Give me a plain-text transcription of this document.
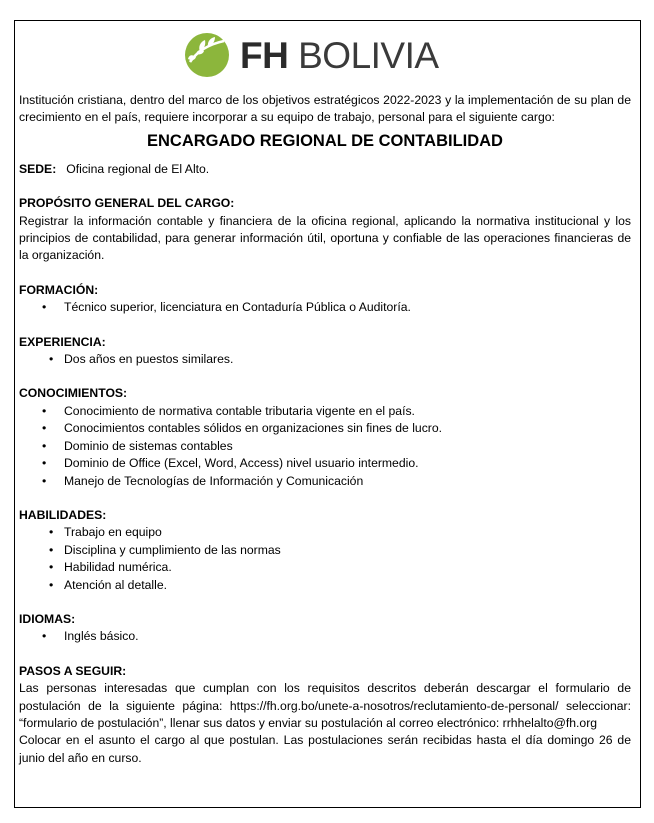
FH BOLIVIA

Institución cristiana, dentro del marco de los objetivos estratégicos 2022-2023 y la implementación de su plan de crecimiento en el país, requiere incorporar a su equipo de trabajo, personal para el siguiente cargo:

ENCARGADO REGIONAL DE CONTABILIDAD

SEDE: Oficina regional de El Alto.

PROPÓSITO GENERAL DEL CARGO:

Registrar la información contable y financiera de la oficina regional, aplicando la normativa institucional y los principios de contabilidad, para generar información útil, oportuna y confiable de las operaciones financieras de la organización.

FORMACIÓN:

• Técnico superior, licenciatura en Contaduría Pública o Auditoría.

EXPERIENCIA:

• Dos años en puestos similares.

CONOCIMIENTOS:

• Conocimiento de normativa contable tributaria vigente en el país.
• Conocimientos contables sólidos en organizaciones sin fines de lucro.
• Dominio de sistemas contables
• Dominio de Office (Excel, Word, Access) nivel usuario intermedio.
• Manejo de Tecnologías de Información y Comunicación

HABILIDADES:

• Trabajo en equipo
• Disciplina y cumplimiento de las normas
• Habilidad numérica.
• Atención al detalle.

IDIOMAS:

• Inglés básico.

PASOS A SEGUIR:

Las personas interesadas que cumplan con los requisitos descritos deberán descargar el formulario de postulación de la siguiente página: https://fh.org.bo/unete-a-nosotros/reclutamiento-de-personal/ seleccionar: “formulario de postulación”, llenar sus datos y enviar su postulación al correo electrónico: rrhhelalto@fh.org

Colocar en el asunto el cargo al que postulan. Las postulaciones serán recibidas hasta el día domingo 26 de junio del año en curso.
